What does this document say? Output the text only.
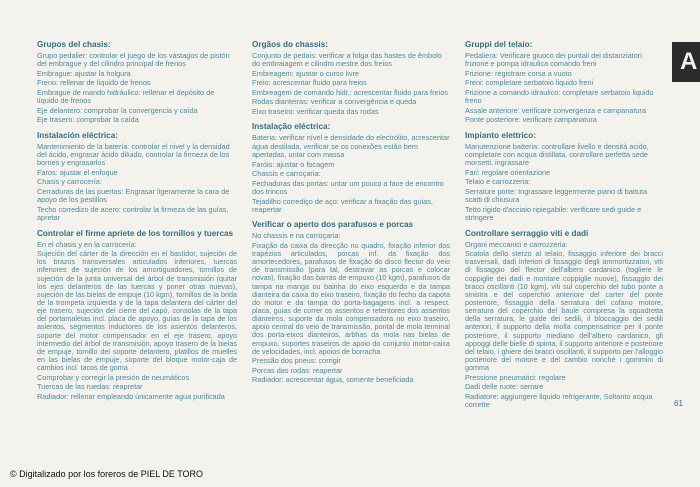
Grupos del chasis:

Grupo pedalier: controlar el juego de los vástagos de pistón del embrague y del cilindro principal de frenos

Embrague: ajustar la holgura

Freno: rellenar de líquido de frenos

Embrague de mando hidráulico: rellenar el depósito de líquido de frenos

Eje delantero: comprobar la convergencia y caída

Eje trasero: comprobar la caída

Instalación eléctrica:

Mantenimiento de la batería: controlar el nivel y la densidad del ácido, engrasar ácido diluido, controlar la firmeza de los bornes y engrasarlos

Faros: ajustar el enfoque

Chasis y carrocería:

Cerraduras de las puertas: Engrasar ligeramente la cara de apoyo de los pestillos

Techo corredizo de acero: controlar la firmeza de las guías, apretar

Controlar el firme apriete de los tornillos y tuercas

En el chasis y en la carrocería:

Sujeción del cárter de la dirección en el bastidor, sujeción de los brazos transversales articulados inferiores, tuercas inferiores de sujeción de los amortiguadores, tornillos de sujeción de la junta universal del árbol de transmisión (quitar los ejes delanteros de las tuercas y poner otras nuevas), sujeción de las bielas de empuje (10 kgm), tornillos de la brida de la trompeta izquierda y de la tapa delantera del cárter del eje trasero, sujeción del cierre del capó, consolas de la tapa del portamaletas incl. placa de apoyo, guías de la tapa de los asientos, segmentos inductores de los asientos delanteros, soporte del motor compensador en el eje trasero, apoyo intermedio del árbol de transmisión, apoyo trasero de la bielas de empuje, tornillo del soporte delantero, platillos de muelles en las bielas de empuje, soporte del bloque motor-caja de cambios incl. tacos de goma

Comprobar y corregir la presión de neumáticos

Tuercas de las ruedas: reapretar

Radiador: rellenar empleando únicamente agua purificada

Orgãos do chassis:

Conjunto de pedais: verificar a folga das hastes de êmbolo do embraiagem e cilindro mestre dos freios

Embreagem: ajustar o curso livre

Freio: acrescentar fluido para freios

Embreagem de comando hidr.: acrescentar fluido para freios

Rodas dianteiras: verificar a convergência e queda

Eixo traseiro: verificar queda das rodas

Instalação eléctrica:

Bateria: verificar nível e densidade do electrólito, acrescentar água destilada, verificar se os conexões estão bem apertadas, untar com massa

Faróis: ajustar o focagem

Chassis e carroçaria:

Fechaduras das portas: untar um pouco a face de encontro dos trincos

Tejadilho corrediço de aço: verificar a fixação das guias, reapertar

Verificar o aperto dos parafusos e porcas

No chassis e na carroçaria:

Fixação da caixa da direcção no quadro, fixação inferior dos trapézios articulados, porcas inf. da fixação dos amortecedores, parafusos de fixação do disco flector do veio de transmissão (para tal, destravar as porcas e colocar novas), fixação das barras de empuxo (10 kgm), parafusos da tampa na manga ou bainha do eixo esquerdo e da tampa dianteira da caixa do eixo traseiro, fixação do fecho da capota do motor e da tampa do porta-bagagens incl. a respect. placa, guias de correr os assentos e retentores dos assentos dianteiros, suporte da mola compensadora no eixo traseiro, apoio central do veio de transmissão, pontal de mola terminal dos porta-eixos dianteiros, arbhas da mola nas bielas de empuxo, suportes traseiros de apoio do conjunto motor-caixa de velocidades, incl. apoios de borracha

Pressão dos pneus: corrigir

Porcas das rodas: reapertar

Radiador: acrescentar água, somente beneficiada

Gruppi del telaio:

Pedaliera: Verificare giuoco dei puntali dei distanziatori frizione e pompa idraulica comando freni

Frizione: registrare corsa a vuoto

Freni: completare serbatoio liquido freni

Frizione a comando idraulico: completare serbatoio liquido freno

Assale anteriore: verificare convergenza e campanatura

Ponte posteriore: verificare campanatura

Impianto elettrico:

Manutenzione batteria: controllare livello e densità acido, completare con acqua distillata, controllare perfetta sede morsetti, ingrassare

Fari: regolare orientazione

Telaio e carrozzeria:

Serrature porte: Ingrassare leggermente piano di battuta scatti di chiusura

Tetto rigido d'acciaio ripiegabile: verificare sedi guide e stringere

Controllare serraggio viti e dadi

Organi meccanici e carrozzeria:

Scatola dello sterzo al telaio, fissaggio inferiore dei bracci trasversali, dadi inferiori di fissaggio degli ammortizzatori, viti di fissaggio del flector dell'albero cardanico (togliere le coppiglie dei dadi e montare coppiglie nuove), fissaggio dei bracci oscillanti (10 kgm), viti sul coperchio del tubo ponte a sinistra e del coperchio anteriore del carter del ponte posteriore, fissaggio della serratura del cofano motore, serratura del coperchio del baule compresa la squadretta della serratura, le guide dei sedili, il bloccaggio dei sedili anteriori, il supporto della molla compensatrice per il ponte posteriore, il supporto mediano dell'albero cardanico, gli appoggi delle bielle di spinta, il supporto anteriore e posteriore del telaio, i ghiere dei bracci oscillanti, il supporto per l'alloggio posteriore del motore e del cambio nonché i gommini di gomma

Pressione pneumatici: regolare

Dadi delle ruote: serrare

Radiatore: aggiungere liquido refrigerante, Soltanto acqua corrette

A
61
© Digitalizado por los foreros de PIEL DE TORO
